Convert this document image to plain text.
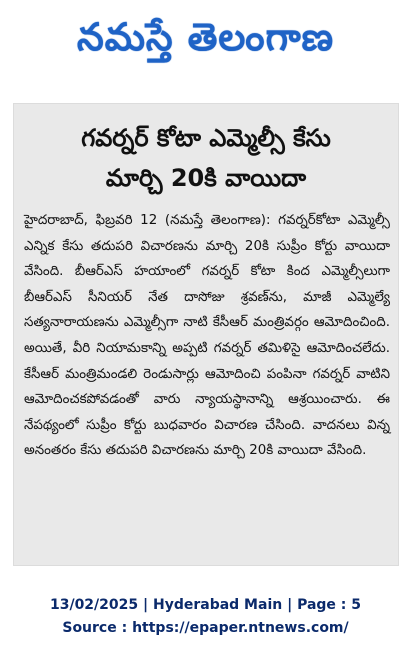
నమస్తే తెలంగాణ
గవర్నర్ కోటా ఎమ్మెల్సీ కేసు
మార్చి 20కి వాయిదా
హైదరాబాద్, ఫిబ్రవరి 12 (నమస్తే తెలంగాణ): గవర్నర్‌కోటా ఎమ్మెల్సీ ఎన్నిక కేసు తదుపరి విచారణను మార్చి 20కి సుప్రీం కోర్టు వాయిదా వేసింది. బీఆర్ఎస్ హయాంలో గవర్నర్ కోటా కింద ఎమ్మెల్సీలుగా బీఆర్ఎస్ సీనియర్ నేత దాసోజు శ్రవణ్‌ను, మాజీ ఎమ్మెల్యే సత్యనారాయణను ఎమ్మెల్సీగా నాటి కేసీఆర్ మంత్రివర్గం ఆమోదించింది. అయితే, వీరి నియామకాన్ని అప్పటి గవర్నర్ తమిళిసై ఆమోదించలేదు. కేసీఆర్ మంత్రిమండలి రెండుసార్లు ఆమోదించి పంపినా గవర్నర్ వాటిని ఆమోదించకపోవడంతో వారు న్యాయస్థానాన్ని ఆశ్రయించారు. ఈ నేపథ్యంలో సుప్రీం కోర్టు బుధవారం విచారణ చేసింది. వాదనలు విన్న అనంతరం కేసు తదుపరి విచారణను మార్చి 20కి వాయిదా వేసింది.
13/02/2025 | Hyderabad Main | Page : 5
Source : https://epaper.ntnews.com/
